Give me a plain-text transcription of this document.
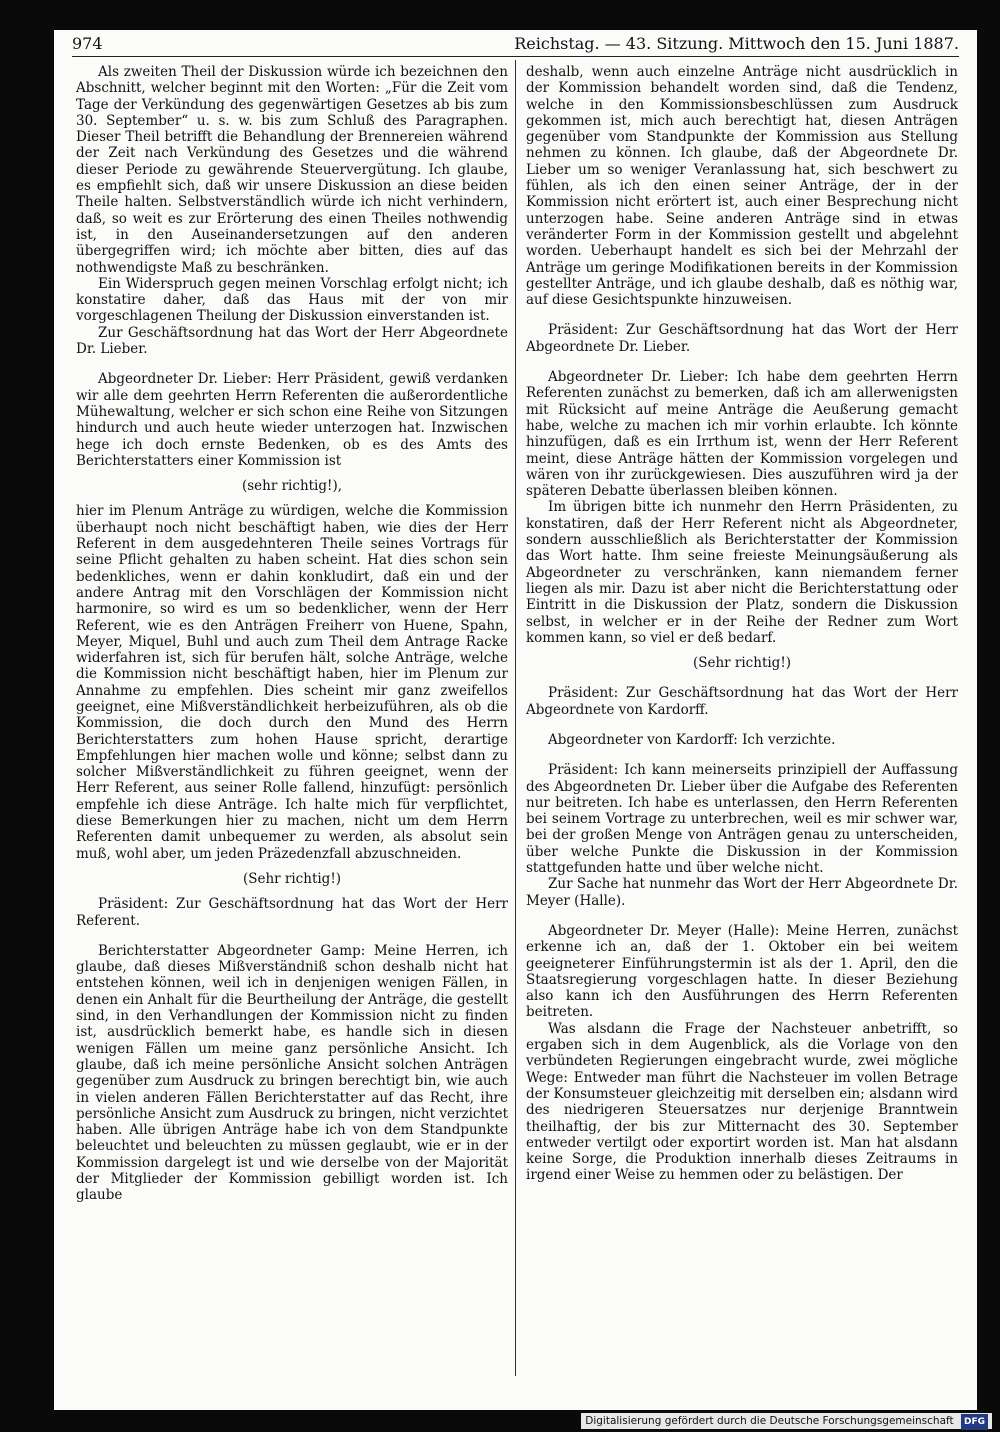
974	Reichstag. — 43. Sitzung. Mittwoch den 15. Juni 1887.

Als zweiten Theil der Diskussion würde ich bezeichnen den Abschnitt, welcher beginnt mit den Worten: „Für die Zeit vom Tage der Verkündung des gegenwärtigen Gesetzes ab bis zum 30. September“ u. s. w. bis zum Schluß des Paragraphen. Dieser Theil betrifft die Behandlung der Brennereien während der Zeit nach Verkündung des Gesetzes und die während dieser Periode zu gewährende Steuervergütung. Ich glaube, es empfiehlt sich, daß wir unsere Diskussion an diese beiden Theile halten. Selbstverständlich würde ich nicht verhindern, daß, so weit es zur Erörterung des einen Theiles nothwendig ist, in den Auseinandersetzungen auf den anderen übergegriffen wird; ich möchte aber bitten, dies auf das nothwendigste Maß zu beschränken.

Ein Widerspruch gegen meinen Vorschlag erfolgt nicht; ich konstatire daher, daß das Haus mit der von mir vorgeschlagenen Theilung der Diskussion einverstanden ist.

Zur Geschäftsordnung hat das Wort der Herr Abgeordnete Dr. Lieber.

Abgeordneter Dr. Lieber: Herr Präsident, gewiß verdanken wir alle dem geehrten Herrn Referenten die außerordentliche Mühewaltung, welcher er sich schon eine Reihe von Sitzungen hindurch und auch heute wieder unterzogen hat. Inzwischen hege ich doch ernste Bedenken, ob es des Amts des Berichterstatters einer Kommission ist

(sehr richtig!),

hier im Plenum Anträge zu würdigen, welche die Kommission überhaupt noch nicht beschäftigt haben, wie dies der Herr Referent in dem ausgedehnteren Theile seines Vortrags für seine Pflicht gehalten zu haben scheint. Hat dies schon sein bedenkliches, wenn er dahin konkludirt, daß ein und der andere Antrag mit den Vorschlägen der Kommission nicht harmonire, so wird es um so bedenklicher, wenn der Herr Referent, wie es den Anträgen Freiherr von Huene, Spahn, Meyer, Miquel, Buhl und auch zum Theil dem Antrage Racke widerfahren ist, sich für berufen hält, solche Anträge, welche die Kommission nicht beschäftigt haben, hier im Plenum zur Annahme zu empfehlen. Dies scheint mir ganz zweifellos geeignet, eine Mißverständlichkeit herbeizuführen, als ob die Kommission, die doch durch den Mund des Herrn Berichterstatters zum hohen Hause spricht, derartige Empfehlungen hier machen wolle und könne; selbst dann zu solcher Mißverständlichkeit zu führen geeignet, wenn der Herr Referent, aus seiner Rolle fallend, hinzufügt: persönlich empfehle ich diese Anträge. Ich halte mich für verpflichtet, diese Bemerkungen hier zu machen, nicht um dem Herrn Referenten damit unbequemer zu werden, als absolut sein muß, wohl aber, um jeden Präzedenzfall abzuschneiden.

(Sehr richtig!)

Präsident: Zur Geschäftsordnung hat das Wort der Herr Referent.

Berichterstatter Abgeordneter Gamp: Meine Herren, ich glaube, daß dieses Mißverständniß schon deshalb nicht hat entstehen können, weil ich in denjenigen wenigen Fällen, in denen ein Anhalt für die Beurtheilung der Anträge, die gestellt sind, in den Verhandlungen der Kommission nicht zu finden ist, ausdrücklich bemerkt habe, es handle sich in diesen wenigen Fällen um meine ganz persönliche Ansicht. Ich glaube, daß ich meine persönliche Ansicht solchen Anträgen gegenüber zum Ausdruck zu bringen berechtigt bin, wie auch in vielen anderen Fällen Berichterstatter auf das Recht, ihre persönliche Ansicht zum Ausdruck zu bringen, nicht verzichtet haben. Alle übrigen Anträge habe ich von dem Standpunkte beleuchtet und beleuchten zu müssen geglaubt, wie er in der Kommission dargelegt ist und wie derselbe von der Majorität der Mitglieder der Kommission gebilligt worden ist. Ich glaube

deshalb, wenn auch einzelne Anträge nicht ausdrücklich in der Kommission behandelt worden sind, daß die Tendenz, welche in den Kommissionsbeschlüssen zum Ausdruck gekommen ist, mich auch berechtigt hat, diesen Anträgen gegenüber vom Standpunkte der Kommission aus Stellung nehmen zu können. Ich glaube, daß der Abgeordnete Dr. Lieber um so weniger Veranlassung hat, sich beschwert zu fühlen, als ich den einen seiner Anträge, der in der Kommission nicht erörtert ist, auch einer Besprechung nicht unterzogen habe. Seine anderen Anträge sind in etwas veränderter Form in der Kommission gestellt und abgelehnt worden. Ueberhaupt handelt es sich bei der Mehrzahl der Anträge um geringe Modifikationen bereits in der Kommission gestellter Anträge, und ich glaube deshalb, daß es nöthig war, auf diese Gesichtspunkte hinzuweisen.

Präsident: Zur Geschäftsordnung hat das Wort der Herr Abgeordnete Dr. Lieber.

Abgeordneter Dr. Lieber: Ich habe dem geehrten Herrn Referenten zunächst zu bemerken, daß ich am allerwenigsten mit Rücksicht auf meine Anträge die Aeußerung gemacht habe, welche zu machen ich mir vorhin erlaubte. Ich könnte hinzufügen, daß es ein Irrthum ist, wenn der Herr Referent meint, diese Anträge hätten der Kommission vorgelegen und wären von ihr zurückgewiesen. Dies auszuführen wird ja der späteren Debatte überlassen bleiben können.

Im übrigen bitte ich nunmehr den Herrn Präsidenten, zu konstatiren, daß der Herr Referent nicht als Abgeordneter, sondern ausschließlich als Berichterstatter der Kommission das Wort hatte. Ihm seine freieste Meinungsäußerung als Abgeordneter zu verschränken, kann niemandem ferner liegen als mir. Dazu ist aber nicht die Berichterstattung oder Eintritt in die Diskussion der Platz, sondern die Diskussion selbst, in welcher er in der Reihe der Redner zum Wort kommen kann, so viel er deß bedarf.

(Sehr richtig!)

Präsident: Zur Geschäftsordnung hat das Wort der Herr Abgeordnete von Kardorff.

Abgeordneter von Kardorff: Ich verzichte.

Präsident: Ich kann meinerseits prinzipiell der Auffassung des Abgeordneten Dr. Lieber über die Aufgabe des Referenten nur beitreten. Ich habe es unterlassen, den Herrn Referenten bei seinem Vortrage zu unterbrechen, weil es mir schwer war, bei der großen Menge von Anträgen genau zu unterscheiden, über welche Punkte die Diskussion in der Kommission stattgefunden hatte und über welche nicht.

Zur Sache hat nunmehr das Wort der Herr Abgeordnete Dr. Meyer (Halle).

Abgeordneter Dr. Meyer (Halle): Meine Herren, zunächst erkenne ich an, daß der 1. Oktober ein bei weitem geeigneterer Einführungstermin ist als der 1. April, den die Staatsregierung vorgeschlagen hatte. In dieser Beziehung also kann ich den Ausführungen des Herrn Referenten beitreten.

Was alsdann die Frage der Nachsteuer anbetrifft, so ergaben sich in dem Augenblick, als die Vorlage von den verbündeten Regierungen eingebracht wurde, zwei mögliche Wege: Entweder man führt die Nachsteuer im vollen Betrage der Konsumsteuer gleichzeitig mit derselben ein; alsdann wird des niedrigeren Steuersatzes nur derjenige Branntwein theilhaftig, der bis zur Mitternacht des 30. September entweder vertilgt oder exportirt worden ist. Man hat alsdann keine Sorge, die Produktion innerhalb dieses Zeitraums in irgend einer Weise zu hemmen oder zu belästigen. Der

Digitalisierung gefördert durch die Deutsche Forschungsgemeinschaft DFG
